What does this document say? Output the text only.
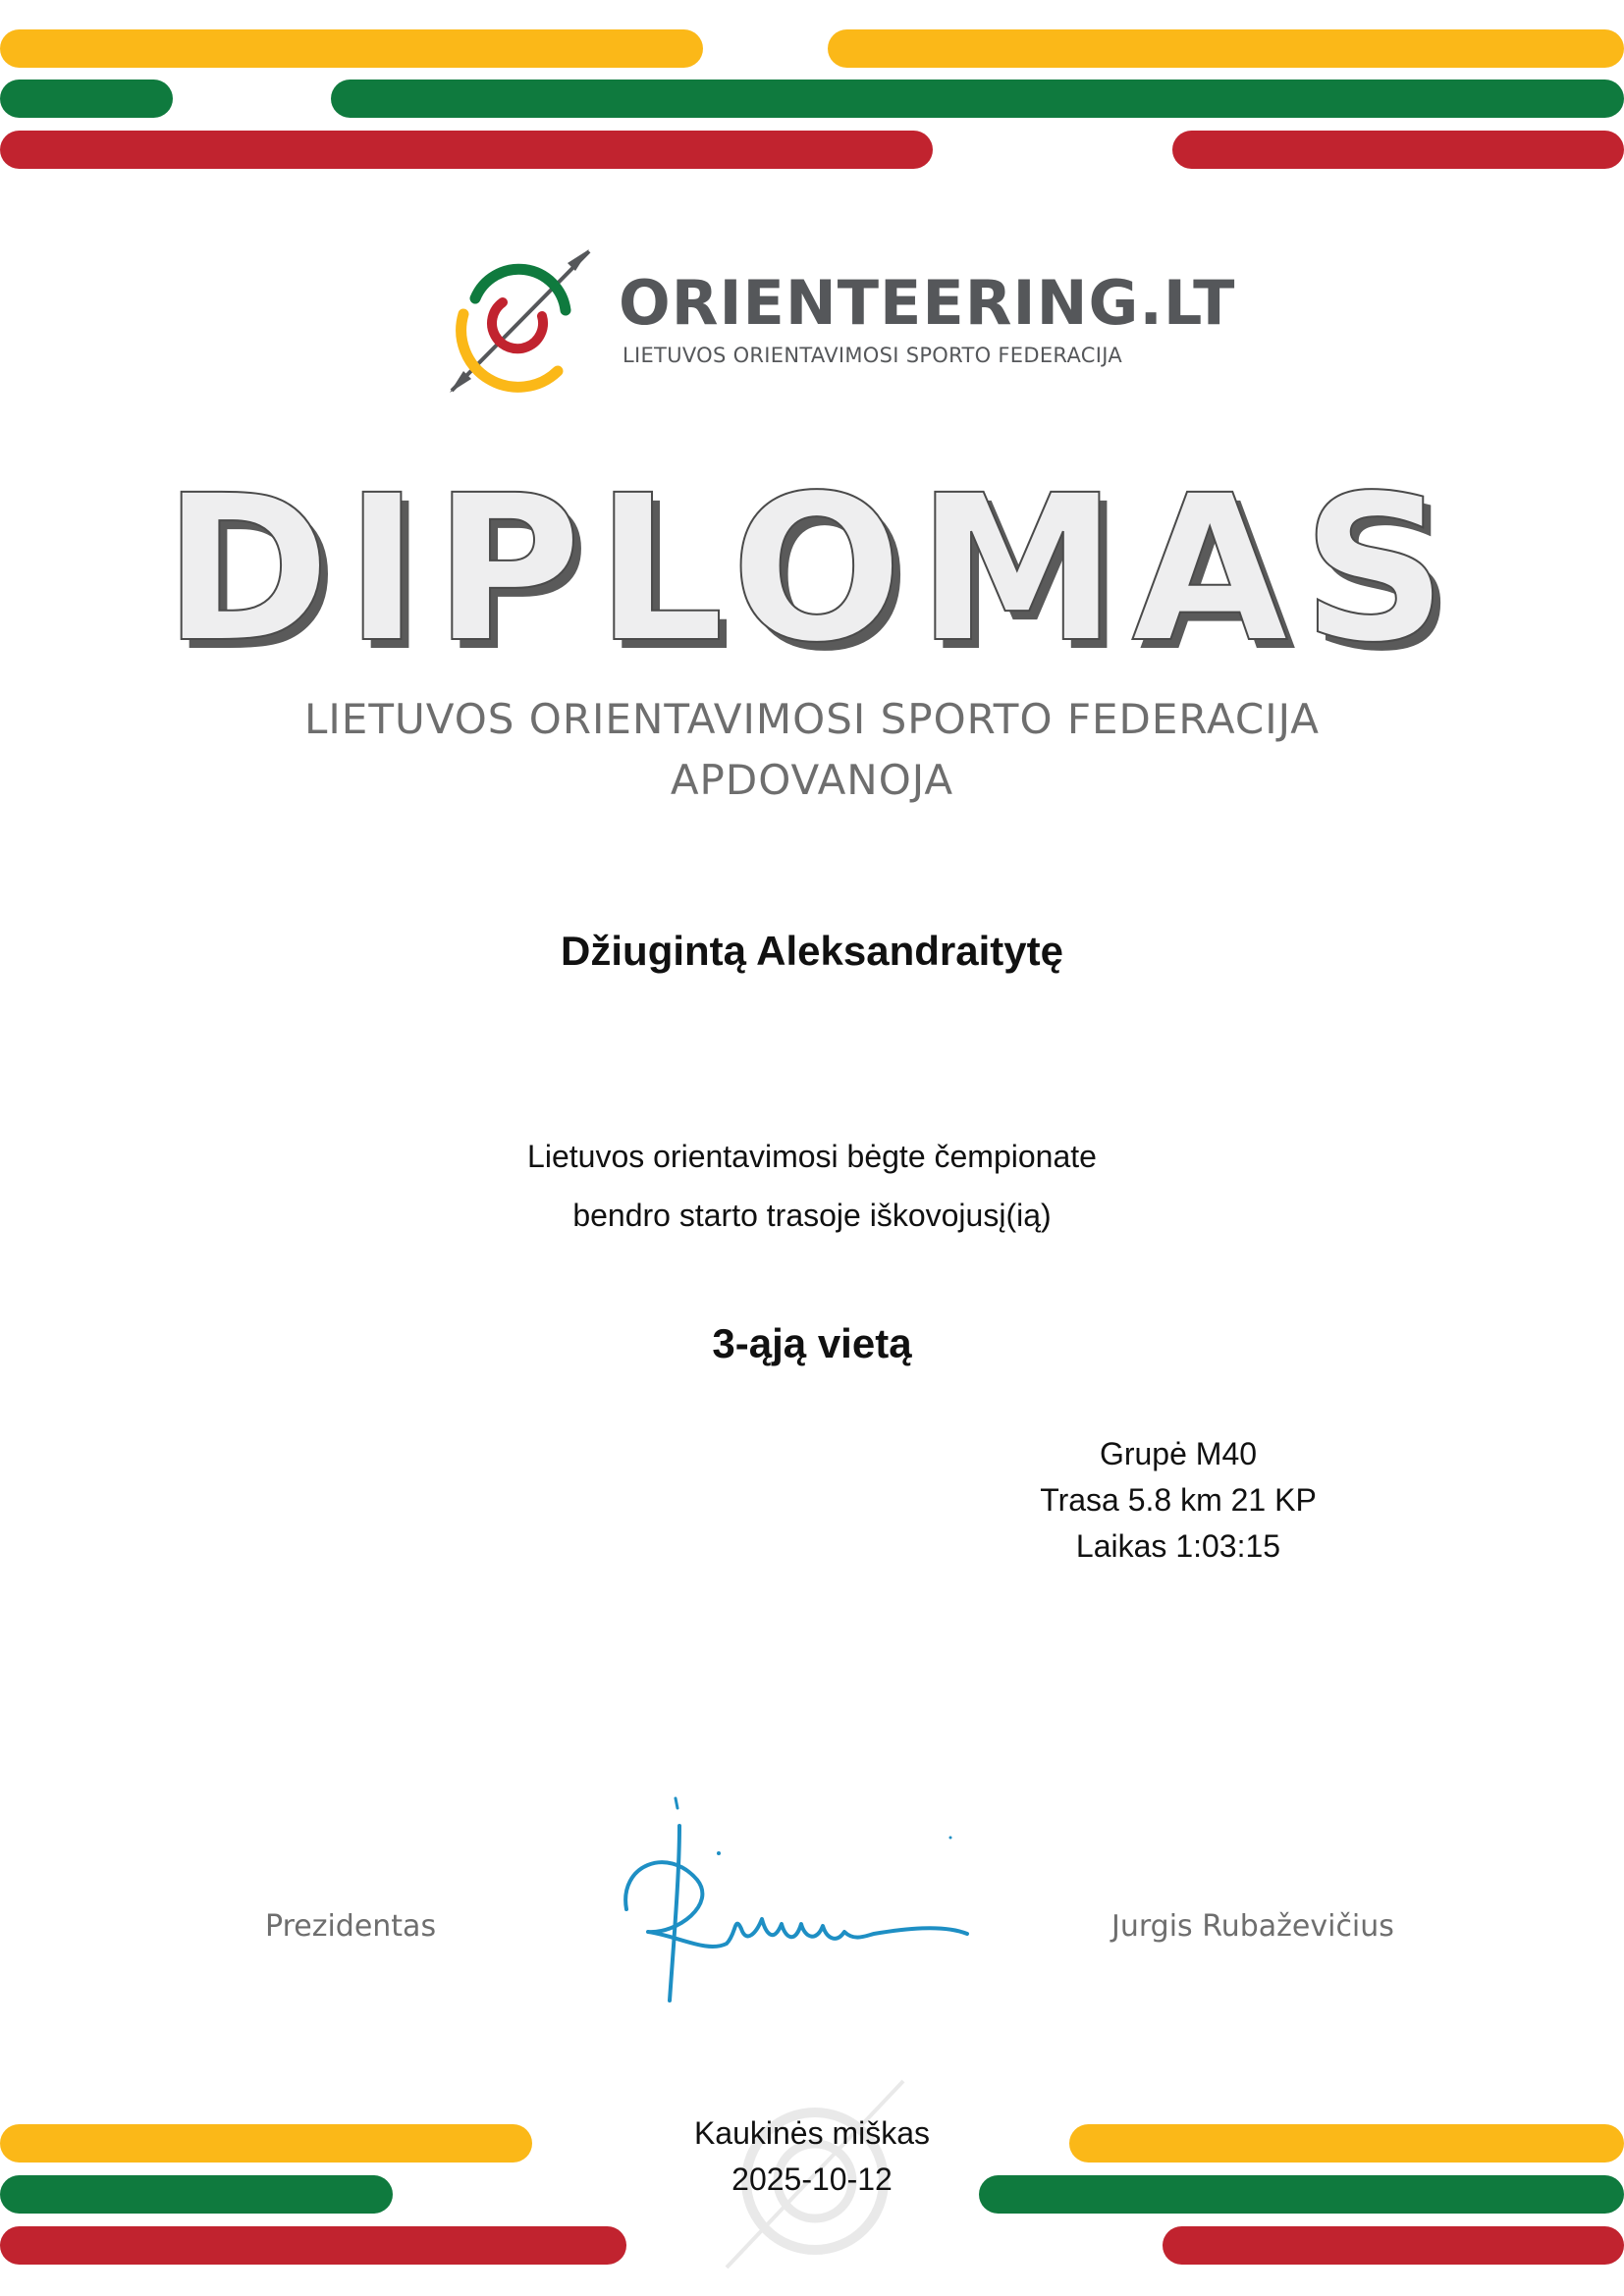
ORIENTEERING.LT
LIETUVOS ORIENTAVIMOSI SPORTO FEDERACIJA
DIPLOMAS
LIETUVOS ORIENTAVIMOSI SPORTO FEDERACIJA
APDOVANOJA
Džiugintą Aleksandraitytę
Lietuvos orientavimosi bėgte čempionate
bendro starto trasoje iškovojusį(ią)
3-ąją vietą
Grupė M40
Trasa 5.8 km 21 KP
Laikas 1:03:15
Prezidentas	Jurgis Rubaževičius
Kaukinės miškas
2025-10-12
